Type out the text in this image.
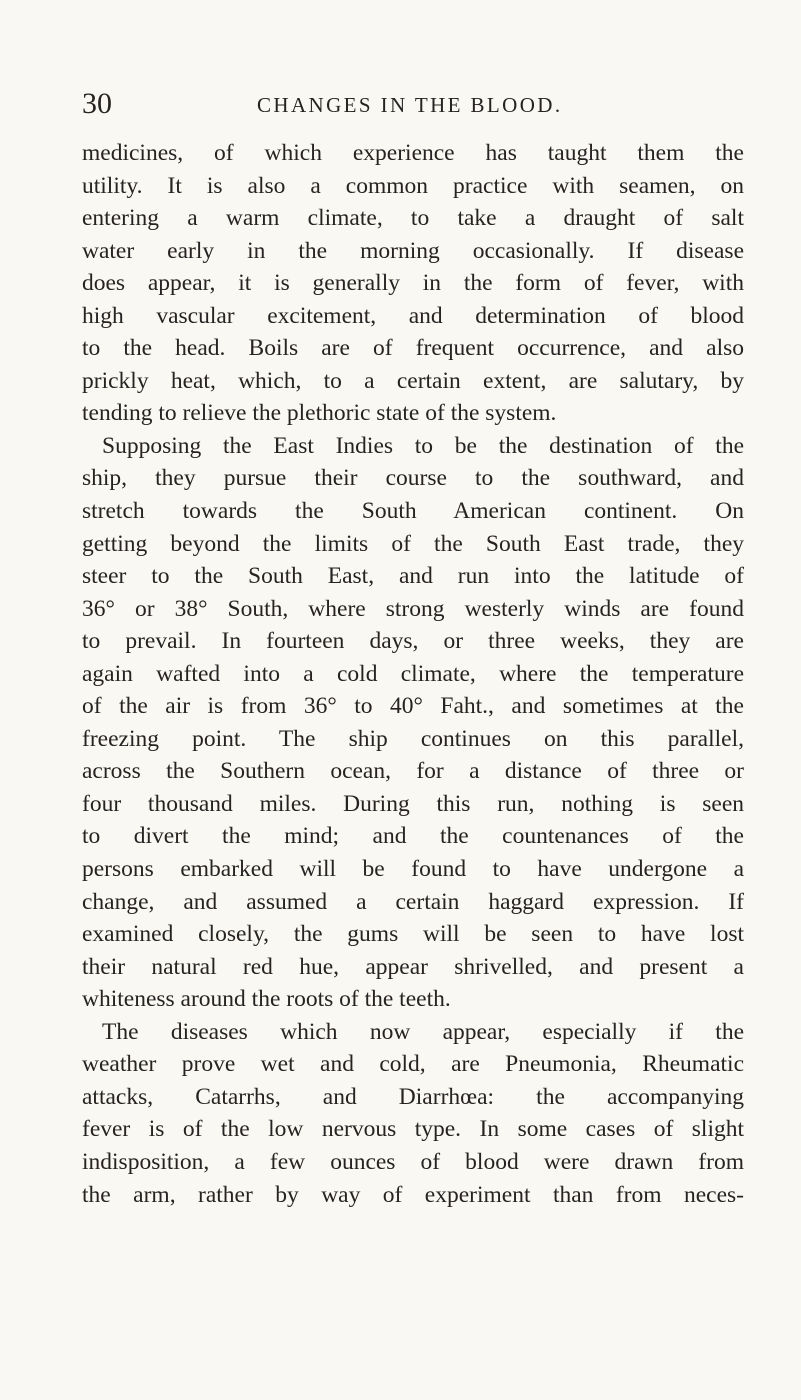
30	CHANGES IN THE BLOOD.
medicines, of which experience has taught them the
utility. It is also a common practice with seamen, on
entering a warm climate, to take a draught of salt
water early in the morning occasionally. If disease
does appear, it is generally in the form of fever, with
high vascular excitement, and determination of blood
to the head. Boils are of frequent occurrence, and also
prickly heat, which, to a certain extent, are salutary, by
tending to relieve the plethoric state of the system.
Supposing the East Indies to be the destination of the
ship, they pursue their course to the southward, and
stretch towards the South American continent. On
getting beyond the limits of the South East trade, they
steer to the South East, and run into the latitude of
36° or 38° South, where strong westerly winds are found
to prevail. In fourteen days, or three weeks, they are
again wafted into a cold climate, where the temperature
of the air is from 36° to 40° Faht., and sometimes at the
freezing point. The ship continues on this parallel,
across the Southern ocean, for a distance of three or
four thousand miles. During this run, nothing is seen
to divert the mind; and the countenances of the
persons embarked will be found to have undergone a
change, and assumed a certain haggard expression. If
examined closely, the gums will be seen to have lost
their natural red hue, appear shrivelled, and present a
whiteness around the roots of the teeth.
The diseases which now appear, especially if the
weather prove wet and cold, are Pneumonia, Rheumatic
attacks, Catarrhs, and Diarrhœa: the accompanying
fever is of the low nervous type. In some cases of slight
indisposition, a few ounces of blood were drawn from
the arm, rather by way of experiment than from neces-
